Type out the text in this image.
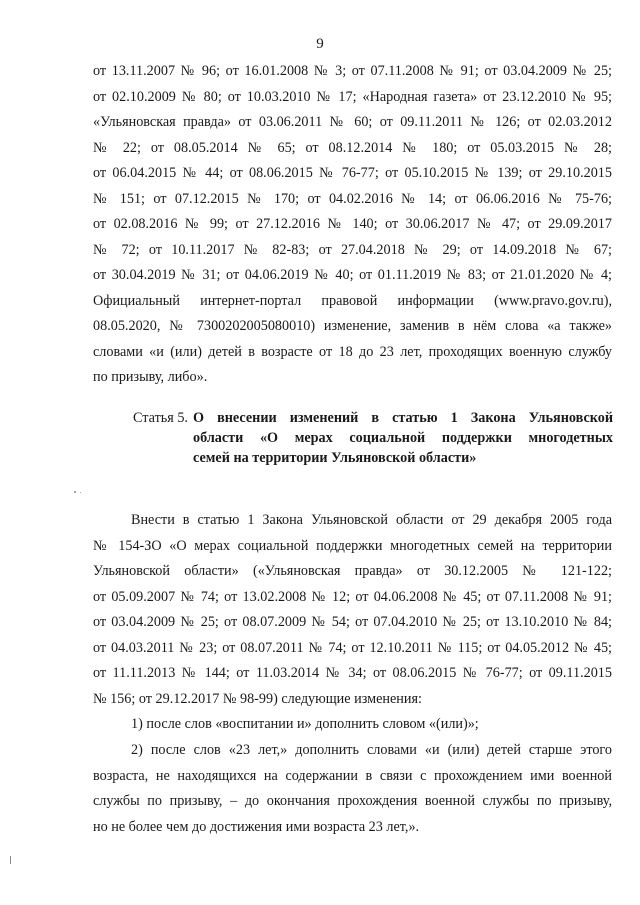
9
от 13.11.2007 № 96; от 16.01.2008 № 3; от 07.11.2008 № 91; от 03.04.2009 № 25;
от 02.10.2009 № 80; от 10.03.2010 № 17; «Народная газета» от 23.12.2010 № 95;
«Ульяновская правда» от 03.06.2011 № 60; от 09.11.2011 № 126; от 02.03.2012
№ 22; от 08.05.2014 № 65; от 08.12.2014 № 180; от 05.03.2015 № 28;
от 06.04.2015 № 44; от 08.06.2015 № 76-77; от 05.10.2015 № 139; от 29.10.2015
№ 151; от 07.12.2015 № 170; от 04.02.2016 № 14; от 06.06.2016 № 75-76;
от 02.08.2016 № 99; от 27.12.2016 № 140; от 30.06.2017 № 47; от 29.09.2017
№ 72; от 10.11.2017 № 82-83; от 27.04.2018 № 29; от 14.09.2018 № 67;
от 30.04.2019 № 31; от 04.06.2019 № 40; от 01.11.2019 № 83; от 21.01.2020 № 4;
Официальный интернет-портал правовой информации (www.pravo.gov.ru),
08.05.2020, № 7300202005080010) изменение, заменив в нём слова «а также»
словами «и (или) детей в возрасте от 18 до 23 лет, проходящих военную службу
по призыву, либо».
Статья 5. О внесении изменений в статью 1 Закона Ульяновской
области «О мерах социальной поддержки многодетных
семей на территории Ульяновской области»
Внести в статью 1 Закона Ульяновской области от 29 декабря 2005 года
№ 154-ЗО «О мерах социальной поддержки многодетных семей на территории
Ульяновской области» («Ульяновская правда» от 30.12.2005 № 121-122;
от 05.09.2007 № 74; от 13.02.2008 № 12; от 04.06.2008 № 45; от 07.11.2008 № 91;
от 03.04.2009 № 25; от 08.07.2009 № 54; от 07.04.2010 № 25; от 13.10.2010 № 84;
от 04.03.2011 № 23; от 08.07.2011 № 74; от 12.10.2011 № 115; от 04.05.2012 № 45;
от 11.11.2013 № 144; от 11.03.2014 № 34; от 08.06.2015 № 76-77; от 09.11.2015
№ 156; от 29.12.2017 № 98-99) следующие изменения:
1) после слов «воспитании и» дополнить словом «(или)»;
2) после слов «23 лет,» дополнить словами «и (или) детей старше этого
возраста, не находящихся на содержании в связи с прохождением ими военной
службы по призыву, – до окончания прохождения военной службы по призыву,
но не более чем до достижения ими возраста 23 лет,».
